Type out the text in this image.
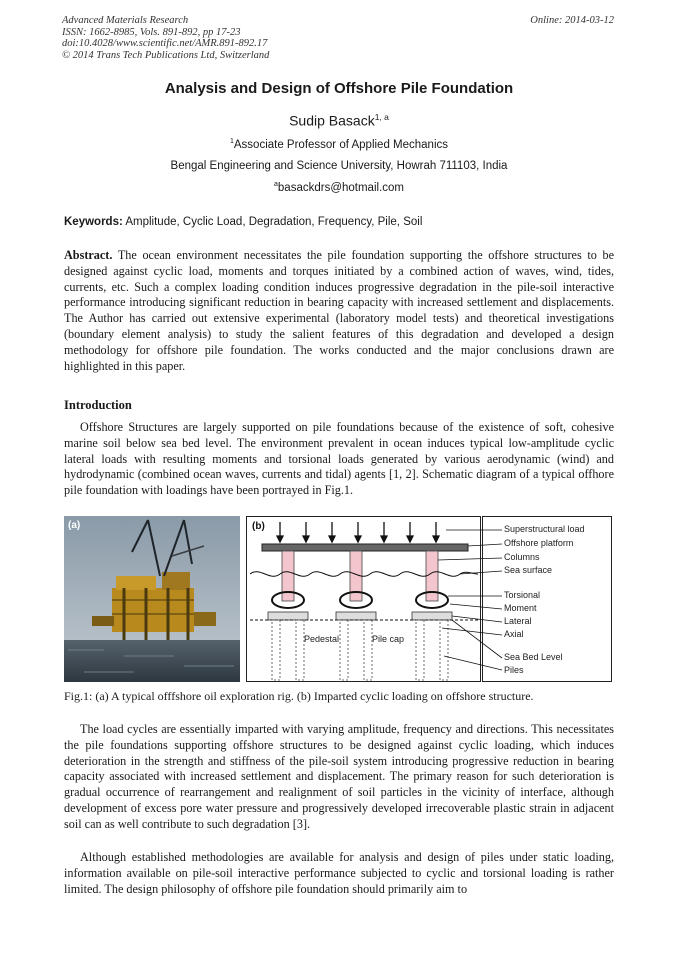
Advanced Materials Research
ISSN: 1662-8985, Vols. 891-892, pp 17-23
doi:10.4028/www.scientific.net/AMR.891-892.17
© 2014 Trans Tech Publications Ltd, Switzerland
Online: 2014-03-12
Analysis and Design of Offshore Pile Foundation
Sudip Basack$^{1, a}$
$^1$Associate Professor of Applied Mechanics
Bengal Engineering and Science University, Howrah 711103, India
$^a$basackdrs@hotmail.com
Keywords: Amplitude, Cyclic Load, Degradation, Frequency, Pile, Soil

Abstract. The ocean environment necessitates the pile foundation supporting the offshore structures to be designed against cyclic load, moments and torques initiated by a combined action of waves, wind, tides, currents, etc. Such a complex loading condition induces progressive degradation in the pile-soil interactive performance introducing significant reduction in bearing capacity with increased settlement and displacements. The Author has carried out extensive experimental (laboratory model tests) and theoretical investigations (boundary element analysis) to study the salient features of this degradation and developed a design methodology for offshore pile foundation. The works conducted and the major conclusions drawn are highlighted in this paper.

Introduction

Offshore Structures are largely supported on pile foundations because of the existence of soft, cohesive marine soil below sea bed level. The environment prevalent in ocean induces typical low-amplitude cyclic lateral loads with resulting moments and torsional loads generated by various aerodynamic (wind) and hydrodynamic (combined ocean waves, currents and tidal) agents [1, 2]. Schematic diagram of a typical offhore pile foundation with loadings have been portrayed in Fig.1.

(a)	(b)
Pedestal	Pile cap
Superstructural load
Offshore platform
Columns
Sea surface
Torsional
Moment
Lateral
Axial
Sea Bed Level
Piles
Fig.1: (a) A typical offfshore oil exploration rig. (b) Imparted cyclic loading on offshore structure.

The load cycles are essentially imparted with varying amplitude, frequency and directions. This necessitates the pile foundations supporting offshore structures to be designed against cyclic loading, which induces deterioration in the strength and stiffness of the pile-soil system introducing progressive reduction in bearing capacity associated with increased settlement and displacement. The primary reason for such deterioration is gradual occurrence of rearrangement and realignment of soil particles in the vicinity of interface, although development of excess pore water pressure and progressively developed irrecoverable plastic strain in adjacent soil can as well contribute to such degradation [3].

Although established methodologies are available for analysis and design of piles under static loading, information available on pile-soil interactive performance subjected to cyclic and torsional loading is rather limited. The design philosophy of offshore pile foundation should primarily aim to
